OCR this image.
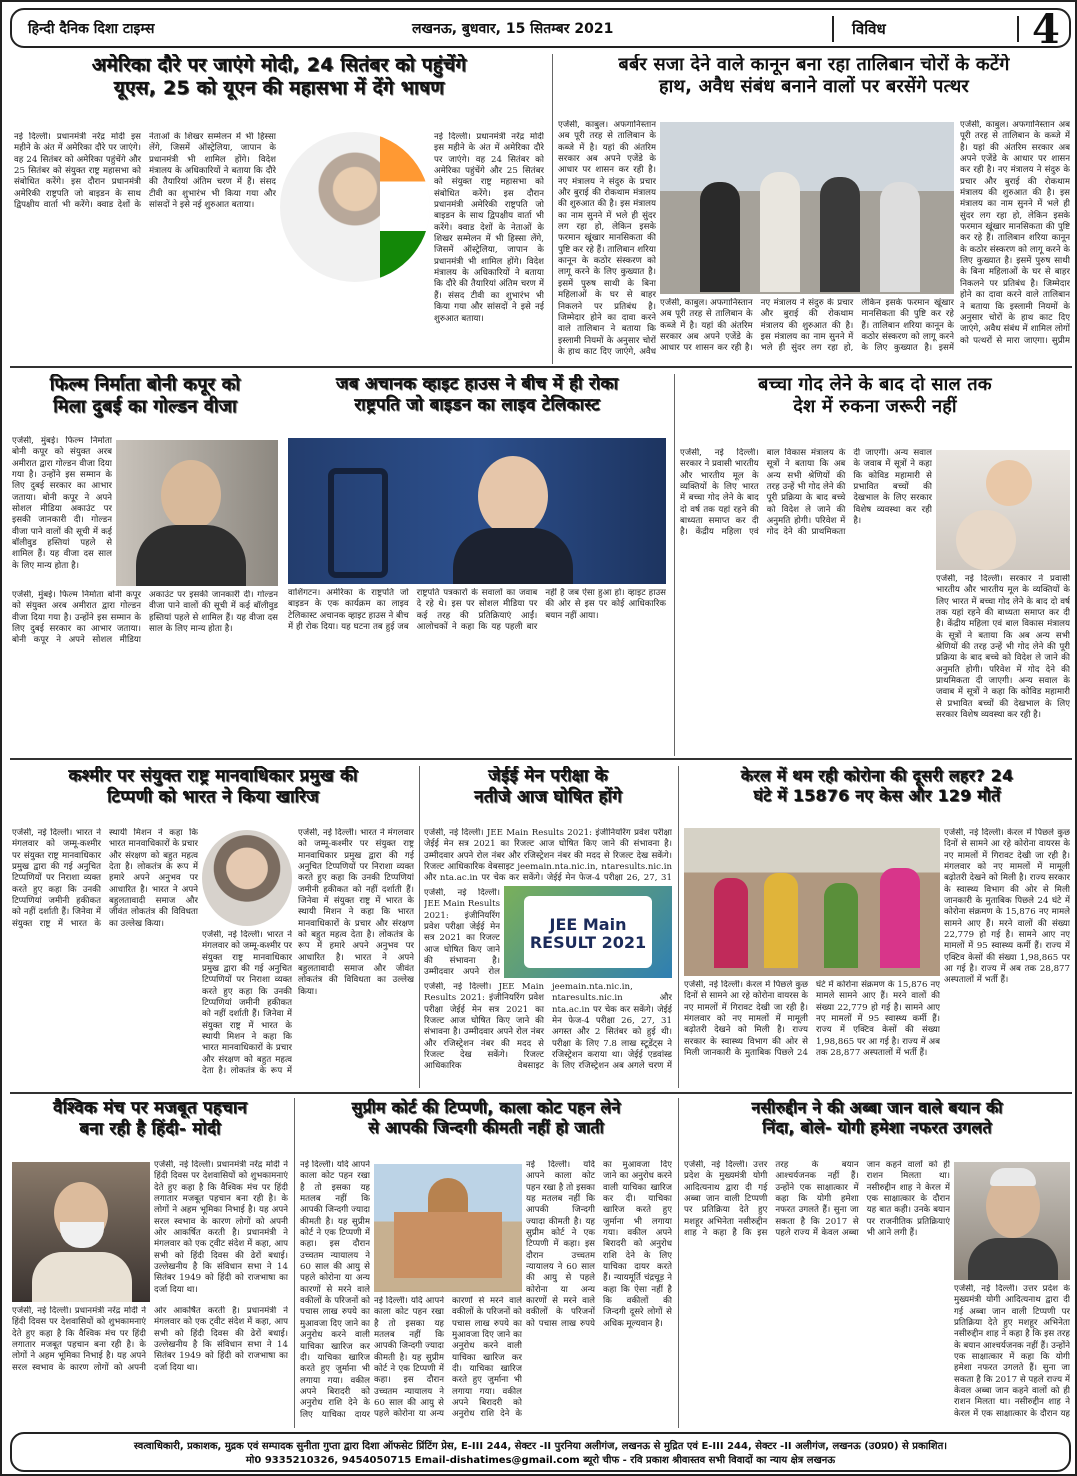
हिन्दी दैनिक दिशा टाइम्स	लखनऊ, बुधवार, 15 सितम्बर 2021	विविध	4
अमेरिका दौरे पर जाएंगे मोदी, 24 सितंबर को पहुंचेंगे
यूएस, 25 को यूएन की महासभा में देंगे भाषण
नई दिल्ली। प्रधानमंत्री नरेंद्र मोदी इस महीने के अंत में अमेरिका दौरे पर जाएंगे। वह 24 सितंबर को अमेरिका पहुंचेंगे और 25 सितंबर को संयुक्त राष्ट्र महासभा को संबोधित करेंगे। इस दौरान प्रधानमंत्री अमेरिकी राष्ट्रपति जो बाइडन के साथ द्विपक्षीय वार्ता भी करेंगे। क्वाड देशों के नेताओं के शिखर सम्मेलन में भी हिस्सा लेंगे, जिसमें ऑस्ट्रेलिया, जापान के प्रधानमंत्री भी शामिल होंगे। विदेश मंत्रालय के अधिकारियों ने बताया कि दौरे की तैयारियां अंतिम चरण में हैं। संसद टीवी का शुभारंभ भी किया गया और सांसदों ने इसे नई शुरुआत बताया।
नई दिल्ली। प्रधानमंत्री नरेंद्र मोदी इस महीने के अंत में अमेरिका दौरे पर जाएंगे। वह 24 सितंबर को अमेरिका पहुंचेंगे और 25 सितंबर को संयुक्त राष्ट्र महासभा को संबोधित करेंगे। इस दौरान प्रधानमंत्री अमेरिकी राष्ट्रपति जो बाइडन के साथ द्विपक्षीय वार्ता भी करेंगे। क्वाड देशों के नेताओं के शिखर सम्मेलन में भी हिस्सा लेंगे, जिसमें ऑस्ट्रेलिया, जापान के प्रधानमंत्री भी शामिल होंगे। विदेश मंत्रालय के अधिकारियों ने बताया कि दौरे की तैयारियां अंतिम चरण में हैं। संसद टीवी का शुभारंभ भी किया गया और सांसदों ने इसे नई शुरुआत बताया।
बर्बर सजा देने वाले कानून बना रहा तालिबान चोरों के कटेंगे
हाथ, अवैध संबंध बनाने वालों पर बरसेंगे पत्थर
एजेंसी, काबुल। अफगानिस्तान अब पूरी तरह से तालिबान के कब्जे में है। यहां की अंतरिम सरकार अब अपने एजेंडे के आधार पर शासन कर रही है। नए मंत्रालय ने संदुरु के प्रचार और बुराई की रोकथाम मंत्रालय की शुरुआत की है। इस मंत्रालय का नाम सुनने में भले ही सुंदर लग रहा हो, लेकिन इसके फरमान खूंखार मानसिकता की पुष्टि कर रहे हैं। तालिबान शरिया कानून के कठोर संस्करण को लागू करने के लिए कुख्यात है। इसमें पुरुष साथी के बिना महिलाओं के घर से बाहर निकलने पर प्रतिबंध है। जिम्मेदार होने का दावा करने वाले तालिबान ने बताया कि इस्लामी नियमों के अनुसार चोरों के हाथ काट दिए जाएंगे, अवैध
एजेंसी, काबुल। अफगानिस्तान अब पूरी तरह से तालिबान के कब्जे में है। यहां की अंतरिम सरकार अब अपने एजेंडे के आधार पर शासन कर रही है। नए मंत्रालय ने संदुरु के प्रचार और बुराई की रोकथाम मंत्रालय की शुरुआत की है। इस मंत्रालय का नाम सुनने में भले ही सुंदर लग रहा हो, लेकिन इसके फरमान खूंखार मानसिकता की पुष्टि कर रहे हैं। तालिबान शरिया कानून के कठोर संस्करण को लागू करने के लिए कुख्यात है। इसमें
एजेंसी, काबुल। अफगानिस्तान अब पूरी तरह से तालिबान के कब्जे में है। यहां की अंतरिम सरकार अब अपने एजेंडे के आधार पर शासन कर रही है। नए मंत्रालय ने संदुरु के प्रचार और बुराई की रोकथाम मंत्रालय की शुरुआत की है। इस मंत्रालय का नाम सुनने में भले ही सुंदर लग रहा हो, लेकिन इसके फरमान खूंखार मानसिकता की पुष्टि कर रहे हैं। तालिबान शरिया कानून के कठोर संस्करण को लागू करने के लिए कुख्यात है। इसमें पुरुष साथी के बिना महिलाओं के घर से बाहर निकलने पर प्रतिबंध है। जिम्मेदार होने का दावा करने वाले तालिबान ने बताया कि इस्लामी नियमों के अनुसार चोरों के हाथ काट दिए जाएंगे, अवैध संबंध में शामिल लोगों को पत्थरों से मारा जाएगा। सुप्रीम
फिल्म निर्माता बोनी कपूर को
मिला दुबई का गोल्डन वीजा
एजेंसी, मुंबई। फिल्म निर्माता बोनी कपूर को संयुक्त अरब अमीरात द्वारा गोल्डन वीजा दिया गया है। उन्होंने इस सम्मान के लिए दुबई सरकार का आभार जताया। बोनी कपूर ने अपने सोशल मीडिया अकाउंट पर इसकी जानकारी दी। गोल्डन वीजा पाने वालों की सूची में कई बॉलीवुड हस्तियां पहले से शामिल हैं। यह वीजा दस साल के लिए मान्य होता है।
एजेंसी, मुंबई। फिल्म निर्माता बोनी कपूर को संयुक्त अरब अमीरात द्वारा गोल्डन वीजा दिया गया है। उन्होंने इस सम्मान के लिए दुबई सरकार का आभार जताया। बोनी कपूर ने अपने सोशल मीडिया अकाउंट पर इसकी जानकारी दी। गोल्डन वीजा पाने वालों की सूची में कई बॉलीवुड हस्तियां पहले से शामिल हैं। यह वीजा दस साल के लिए मान्य होता है।
जब अचानक व्हाइट हाउस ने बीच में ही रोका
राष्ट्रपति जो बाइडन का लाइव टेलिकास्ट
वाशिंगटन। अमेरिका के राष्ट्रपति जो बाइडन के एक कार्यक्रम का लाइव टेलिकास्ट अचानक व्हाइट हाउस ने बीच में ही रोक दिया। यह घटना तब हुई जब राष्ट्रपति पत्रकारों के सवालों का जवाब दे रहे थे। इस पर सोशल मीडिया पर कई तरह की प्रतिक्रियाएं आईं। आलोचकों ने कहा कि यह पहली बार नहीं है जब ऐसा हुआ हो। व्हाइट हाउस की ओर से इस पर कोई आधिकारिक बयान नहीं आया।
बच्चा गोद लेने के बाद दो साल तक
देश में रुकना जरूरी नहीं
एजेंसी, नई दिल्ली। सरकार ने प्रवासी भारतीय और भारतीय मूल के व्यक्तियों के लिए भारत में बच्चा गोद लेने के बाद दो वर्ष तक यहां रहने की बाध्यता समाप्त कर दी है। केंद्रीय महिला एवं बाल विकास मंत्रालय के सूत्रों ने बताया कि अब अन्य सभी श्रेणियों की तरह उन्हें भी गोद लेने की पूरी प्रक्रिया के बाद बच्चे को विदेश ले जाने की अनुमति होगी। परिवेश में गोद देने की प्राथमिकता दी जाएगी। अन्य सवाल के जवाब में सूत्रों ने कहा कि कोविड महामारी से प्रभावित बच्चों की देखभाल के लिए सरकार विशेष व्यवस्था कर रही है।
एजेंसी, नई दिल्ली। सरकार ने प्रवासी भारतीय और भारतीय मूल के व्यक्तियों के लिए भारत में बच्चा गोद लेने के बाद दो वर्ष तक यहां रहने की बाध्यता समाप्त कर दी है। केंद्रीय महिला एवं बाल विकास मंत्रालय के सूत्रों ने बताया कि अब अन्य सभी श्रेणियों की तरह उन्हें भी गोद लेने की पूरी प्रक्रिया के बाद बच्चे को विदेश ले जाने की अनुमति होगी। परिवेश में गोद देने की प्राथमिकता दी जाएगी। अन्य सवाल के जवाब में सूत्रों ने कहा कि कोविड महामारी से प्रभावित बच्चों की देखभाल के लिए सरकार विशेष व्यवस्था कर रही है।
कश्मीर पर संयुक्त राष्ट्र मानवाधिकार प्रमुख की
टिप्पणी को भारत ने किया खारिज
एजेंसी, नई दिल्ली। भारत ने मंगलवार को जम्मू-कश्मीर पर संयुक्त राष्ट्र मानवाधिकार प्रमुख द्वारा की गई अनुचित टिप्पणियों पर निराशा व्यक्त करते हुए कहा कि उनकी टिप्पणियां जमीनी हकीकत को नहीं दर्शाती हैं। जिनेवा में संयुक्त राष्ट्र में भारत के स्थायी मिशन ने कहा कि भारत मानवाधिकारों के प्रचार और संरक्षण को बहुत महत्व देता है। लोकतंत्र के रूप में हमारे अपने अनुभव पर आधारित है। भारत ने अपने बहुलतावादी समाज और जीवंत लोकतंत्र की विविधता का उल्लेख किया।
एजेंसी, नई दिल्ली। भारत ने मंगलवार को जम्मू-कश्मीर पर संयुक्त राष्ट्र मानवाधिकार प्रमुख द्वारा की गई अनुचित टिप्पणियों पर निराशा व्यक्त करते हुए कहा कि उनकी टिप्पणियां जमीनी हकीकत को नहीं दर्शाती हैं। जिनेवा में संयुक्त राष्ट्र में भारत के स्थायी मिशन ने कहा कि भारत मानवाधिकारों के प्रचार और संरक्षण को बहुत महत्व देता है। लोकतंत्र के रूप में
एजेंसी, नई दिल्ली। भारत ने मंगलवार को जम्मू-कश्मीर पर संयुक्त राष्ट्र मानवाधिकार प्रमुख द्वारा की गई अनुचित टिप्पणियों पर निराशा व्यक्त करते हुए कहा कि उनकी टिप्पणियां जमीनी हकीकत को नहीं दर्शाती हैं। जिनेवा में संयुक्त राष्ट्र में भारत के स्थायी मिशन ने कहा कि भारत मानवाधिकारों के प्रचार और संरक्षण को बहुत महत्व देता है। लोकतंत्र के रूप में हमारे अपने अनुभव पर आधारित है। भारत ने अपने बहुलतावादी समाज और जीवंत लोकतंत्र की विविधता का उल्लेख किया।
जेईई मेन परीक्षा के
नतीजे आज घोषित होंगे
एजेंसी, नई दिल्ली। JEE Main Results 2021: इंजीनियरिंग प्रवेश परीक्षा जेईई मेन सत्र 2021 का रिजल्ट आज घोषित किए जाने की संभावना है। उम्मीदवार अपने रोल नंबर और रजिस्ट्रेशन नंबर की मदद से रिजल्ट देख सकेंगे। रिजल्ट आधिकारिक वेबसाइट jeemain.nta.nic.in, ntaresults.nic.in और nta.ac.in पर चेक कर सकेंगे। जेईई मेन फेज-4 परीक्षा 26, 27, 31
JEE Main
RESULT 2021
एजेंसी, नई दिल्ली। JEE Main Results 2021: इंजीनियरिंग प्रवेश परीक्षा जेईई मेन सत्र 2021 का रिजल्ट आज घोषित किए जाने की संभावना है। उम्मीदवार अपने रोल
एजेंसी, नई दिल्ली। JEE Main Results 2021: इंजीनियरिंग प्रवेश परीक्षा जेईई मेन सत्र 2021 का रिजल्ट आज घोषित किए जाने की संभावना है। उम्मीदवार अपने रोल नंबर और रजिस्ट्रेशन नंबर की मदद से रिजल्ट देख सकेंगे। रिजल्ट आधिकारिक वेबसाइट jeemain.nta.nic.in, ntaresults.nic.in और nta.ac.in पर चेक कर सकेंगे। जेईई मेन फेज-4 परीक्षा 26, 27, 31 अगस्त और 2 सितंबर को हुई थी। परीक्षा के लिए 7.8 लाख स्टूडेंट्स ने रजिस्ट्रेशन कराया था। जेईई एडवांस्ड के लिए रजिस्ट्रेशन अब अगले चरण में
केरल में थम रही कोरोना की दूसरी लहर? 24
घंटे में 15876 नए केस और 129 मौतें
एजेंसी, नई दिल्ली। केरल में पिछले कुछ दिनों से सामने आ रहे कोरोना वायरस के नए मामलों में गिरावट देखी जा रही है। मंगलवार को नए मामलों में मामूली बढ़ोतरी देखने को मिली है। राज्य सरकार के स्वास्थ्य विभाग की ओर से मिली जानकारी के मुताबिक पिछले 24 घंटे में कोरोना संक्रमण के 15,876 नए मामले सामने आए हैं। मरने वालों की संख्या 22,779 हो गई है। सामने आए नए मामलों में 95 स्वास्थ्य कर्मी हैं। राज्य में एक्टिव केसों की संख्या 1,98,865 पर आ गई है। राज्य में अब तक 28,877 अस्पतालों में भर्ती हैं।
एजेंसी, नई दिल्ली। केरल में पिछले कुछ दिनों से सामने आ रहे कोरोना वायरस के नए मामलों में गिरावट देखी जा रही है। मंगलवार को नए मामलों में मामूली बढ़ोतरी देखने को मिली है। राज्य सरकार के स्वास्थ्य विभाग की ओर से मिली जानकारी के मुताबिक पिछले 24 घंटे में कोरोना संक्रमण के 15,876 नए मामले सामने आए हैं। मरने वालों की संख्या 22,779 हो गई है। सामने आए नए मामलों में 95 स्वास्थ्य कर्मी हैं। राज्य में एक्टिव केसों की संख्या 1,98,865 पर आ गई है। राज्य में अब तक 28,877 अस्पतालों में भर्ती हैं।
वैश्विक मंच पर मजबूत पहचान
बना रही है हिंदी- मोदी
एजेंसी, नई दिल्ली। प्रधानमंत्री नरेंद्र मोदी ने हिंदी दिवस पर देशवासियों को शुभकामनाएं देते हुए कहा है कि वैश्विक मंच पर हिंदी लगातार मजबूत पहचान बना रही है। के लोगों ने अहम भूमिका निभाई है। यह अपने सरल स्वभाव के कारण लोगों को अपनी ओर आकर्षित करती है। प्रधानमंत्री ने मंगलवार को एक ट्वीट संदेश में कहा, आप सभी को हिंदी दिवस की ढेरों बधाई। उल्लेखनीय है कि संविधान सभा ने 14 सितंबर 1949 को हिंदी को राजभाषा का दर्जा दिया था।
एजेंसी, नई दिल्ली। प्रधानमंत्री नरेंद्र मोदी ने हिंदी दिवस पर देशवासियों को शुभकामनाएं देते हुए कहा है कि वैश्विक मंच पर हिंदी लगातार मजबूत पहचान बना रही है। के लोगों ने अहम भूमिका निभाई है। यह अपने सरल स्वभाव के कारण लोगों को अपनी ओर आकर्षित करती है। प्रधानमंत्री ने मंगलवार को एक ट्वीट संदेश में कहा, आप सभी को हिंदी दिवस की ढेरों बधाई। उल्लेखनीय है कि संविधान सभा ने 14 सितंबर 1949 को हिंदी को राजभाषा का दर्जा दिया था।
सुप्रीम कोर्ट की टिप्पणी, काला कोट पहन लेने
से आपकी जिन्दगी कीमती नहीं हो जाती
नई दिल्ली। यदि आपने काला कोट पहन रखा है तो इसका यह मतलब नहीं कि आपकी जिन्दगी ज्यादा कीमती है। यह सुप्रीम कोर्ट ने एक टिप्पणी में कहा। इस दौरान उच्चतम न्यायालय ने 60 साल की आयु से पहले कोरोना या अन्य कारणों से मरने वाले वकीलों के परिजनों को पचास लाख रुपये का मुआवजा दिए जाने का अनुरोध करने वाली याचिका खारिज कर दी। याचिका खारिज करते हुए जुर्माना भी लगाया गया। वकील अपने बिरादरी को अनुरोध राशि देने के लिए याचिका दायर
नई दिल्ली। यदि आपने काला कोट पहन रखा है तो इसका यह मतलब नहीं कि आपकी जिन्दगी ज्यादा कीमती है। यह सुप्रीम कोर्ट ने एक टिप्पणी में कहा। इस दौरान उच्चतम न्यायालय ने 60 साल की आयु से पहले कोरोना या अन्य कारणों से मरने वाले वकीलों के परिजनों को पचास लाख रुपये का मुआवजा दिए जाने का अनुरोध करने वाली याचिका खारिज कर दी। याचिका खारिज करते हुए जुर्माना भी लगाया गया। वकील अपने बिरादरी को अनुरोध राशि देने के
नई दिल्ली। यदि आपने काला कोट पहन रखा है तो इसका यह मतलब नहीं कि आपकी जिन्दगी ज्यादा कीमती है। यह सुप्रीम कोर्ट ने एक टिप्पणी में कहा। इस दौरान उच्चतम न्यायालय ने 60 साल की आयु से पहले कोरोना या अन्य कारणों से मरने वाले वकीलों के परिजनों को पचास लाख रुपये का मुआवजा दिए जाने का अनुरोध करने वाली याचिका खारिज कर दी। याचिका खारिज करते हुए जुर्माना भी लगाया गया। वकील अपने बिरादरी को अनुरोध राशि देने के लिए याचिका दायर करते हैं। न्यायमूर्ति चंद्रचूड़ ने कहा कि ऐसा नहीं है कि वकीलों की जिन्दगी दूसरे लोगों से अधिक मूल्यवान है।
नसीरुद्दीन ने की अब्बा जान वाले बयान की
निंदा, बोले- योगी हमेशा नफरत उगलते
एजेंसी, नई दिल्ली। उत्तर प्रदेश के मुख्यमंत्री योगी आदित्यनाथ द्वारा दी गई अब्बा जान वाली टिप्पणी पर प्रतिक्रिया देते हुए मशहूर अभिनेता नसीरुद्दीन शाह ने कहा है कि इस तरह के बयान आश्चर्यजनक नहीं हैं। उन्होंने एक साक्षात्कार में कहा कि योगी हमेशा नफरत उगलते हैं। सुना जा सकता है कि 2017 से पहले राज्य में केवल अब्बा जान कहने वालों को ही राशन मिलता था। नसीरुद्दीन शाह ने केरल में एक साक्षात्कार के दौरान यह बात कही। उनके बयान पर राजनीतिक प्रतिक्रियाएं भी आने लगी हैं।
एजेंसी, नई दिल्ली। उत्तर प्रदेश के मुख्यमंत्री योगी आदित्यनाथ द्वारा दी गई अब्बा जान वाली टिप्पणी पर प्रतिक्रिया देते हुए मशहूर अभिनेता नसीरुद्दीन शाह ने कहा है कि इस तरह के बयान आश्चर्यजनक नहीं हैं। उन्होंने एक साक्षात्कार में कहा कि योगी हमेशा नफरत उगलते हैं। सुना जा सकता है कि 2017 से पहले राज्य में केवल अब्बा जान कहने वालों को ही राशन मिलता था। नसीरुद्दीन शाह ने केरल में एक साक्षात्कार के दौरान यह
स्वत्वाधिकारी, प्रकाशक, मुद्रक एवं सम्पादक सुनीता गुप्ता द्वारा दिशा ऑफसेट प्रिंटिंग प्रेस, E-III 244, सेक्टर -II पुरनिया अलीगंज, लखनऊ से मुद्रित एवं E-III 244, सेक्टर -II अलीगंज, लखनऊ (उ0प्र0) से प्रकाशित।
मो0 9335210326, 9454050715 Email-dishatimes@gmail.com ब्यूरो चीफ - रवि प्रकाश श्रीवास्तव सभी विवादों का न्याय क्षेत्र लखनऊ
